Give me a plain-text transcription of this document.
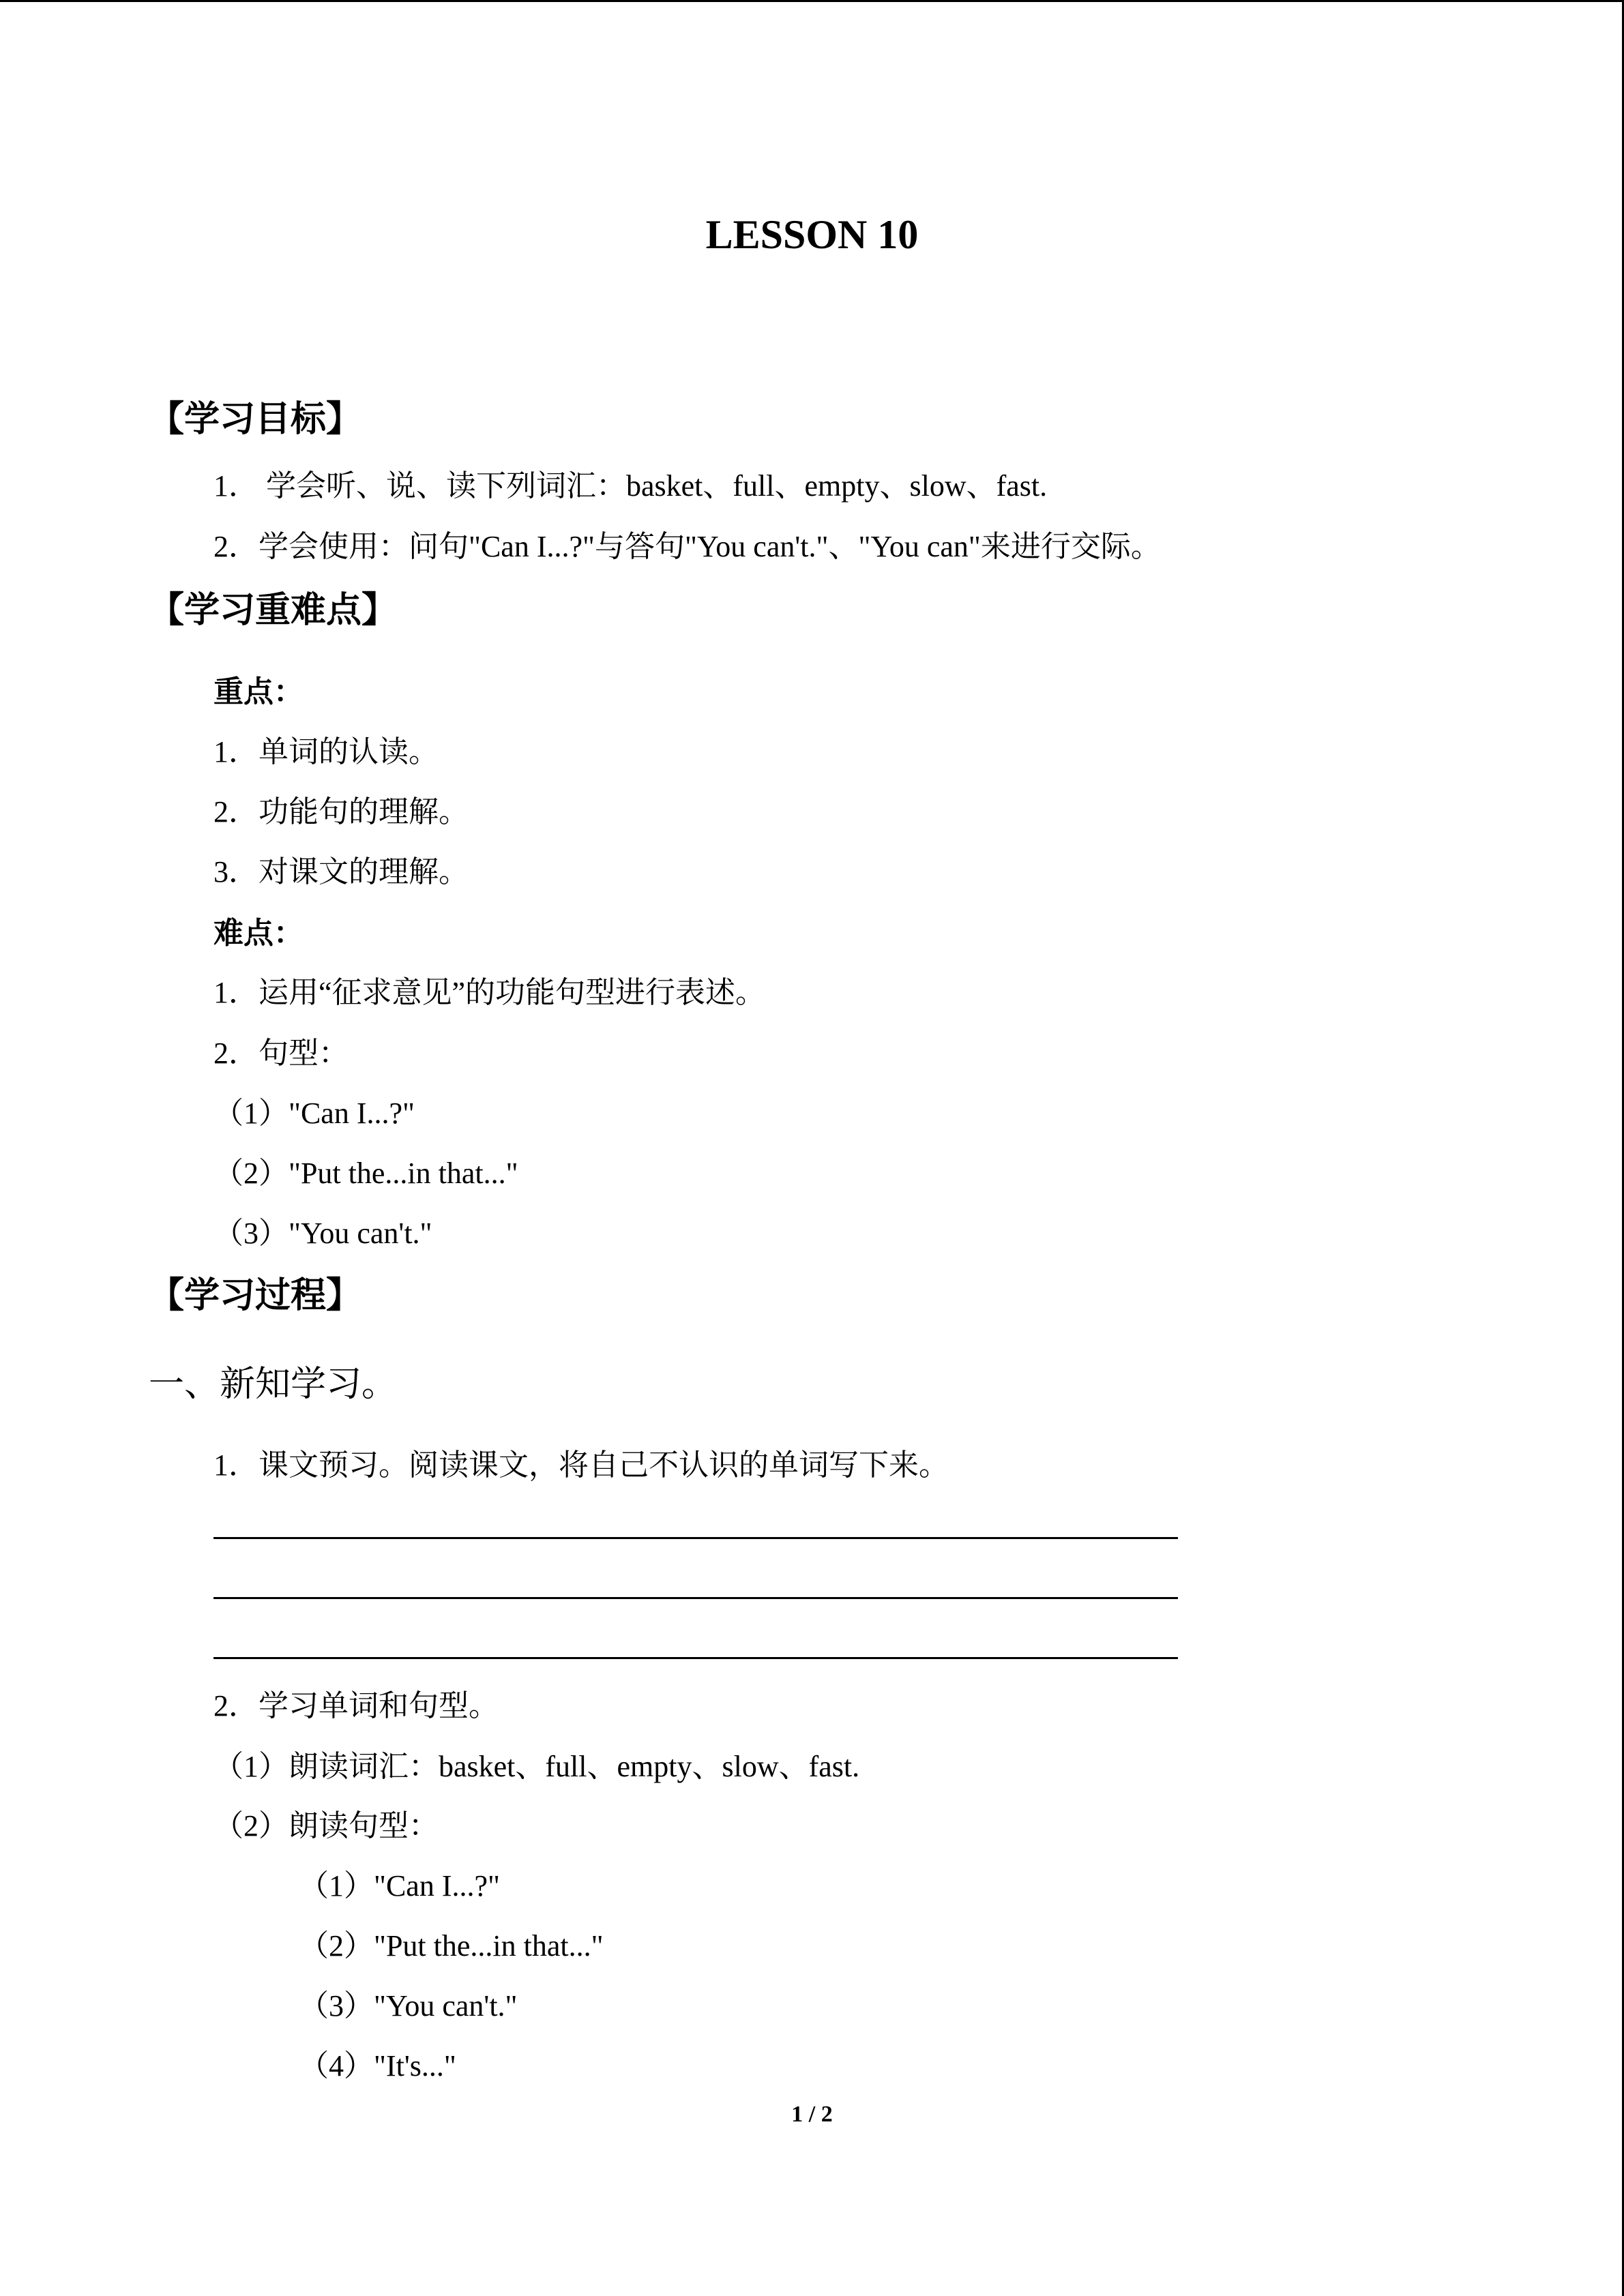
LESSON 10
【学习目标】
1． 学会听、说、读下列词汇：basket、full、empty、slow、fast.
2．学会使用：问句"Can I...?"与答句"You can't."、"You can"来进行交际。
【学习重难点】
重点：
1．单词的认读。
2．功能句的理解。
3．对课文的理解。
难点：
1．运用“征求意见”的功能句型进行表述。
2．句型：
（1）"Can I...?"
（2）"Put the...in that..."
（3）"You can't."
【学习过程】
一、新知学习。
1．课文预习。阅读课文，将自己不认识的单词写下来。
2．学习单词和句型。
（1）朗读词汇：basket、full、empty、slow、fast.
（2）朗读句型：
（1）"Can I...?"
（2）"Put the...in that..."
（3）"You can't."
（4）"It's..."
1 / 2
